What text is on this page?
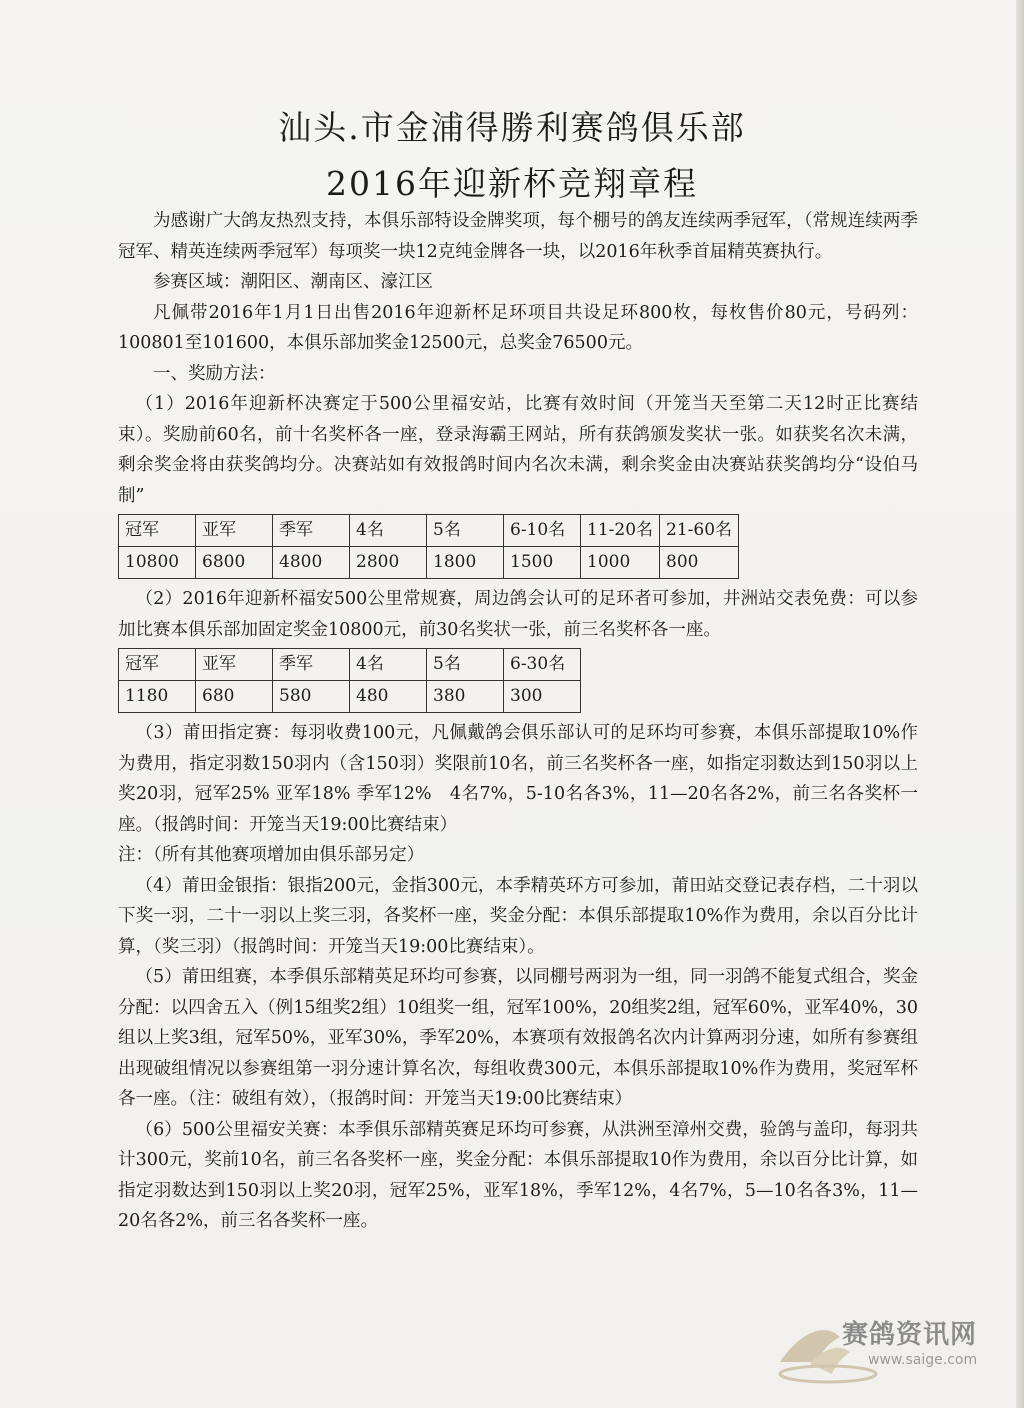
汕头.市金浦得勝利赛鸽俱乐部
2016年迎新杯竞翔章程

为感谢广大鸽友热烈支持，本俱乐部特设金牌奖项，每个棚号的鸽友连续两季冠军，（常规连续两季冠军、精英连续两季冠军）每项奖一块12克纯金牌各一块，以2016年秋季首届精英赛执行。

参赛区域：潮阳区、潮南区、濠江区

凡佩带2016年1月1日出售2016年迎新杯足环项目共设足环800枚，每枚售价80元，号码列：100801至101600，本俱乐部加奖金12500元，总奖金76500元。

一、奖励方法：

（1）2016年迎新杯决赛定于500公里福安站，比赛有效时间（开笼当天至第二天12时正比赛结束）。奖励前60名，前十名奖杯各一座，登录海霸王网站，所有获鸽颁发奖状一张。如获奖名次未满，剩余奖金将由获奖鸽均分。决赛站如有效报鸽时间内名次未满，剩余奖金由决赛站获奖鸽均分“设伯马制”

冠军	亚军	季军	4名	5名	6-10名	11-20名	21-60名
10800	6800	4800	2800	1800	1500	1000	800

（2）2016年迎新杯福安500公里常规赛，周边鸽会认可的足环者可参加，井洲站交表免费：可以参加比赛本俱乐部加固定奖金10800元，前30名奖状一张，前三名奖杯各一座。

冠军	亚军	季军	4名	5名	6-30名
1180	680	580	480	380	300

（3）莆田指定赛：每羽收费100元，凡佩戴鸽会俱乐部认可的足环均可参赛，本俱乐部提取10%作为费用，指定羽数150羽内（含150羽）奖限前10名，前三名奖杯各一座，如指定羽数达到150羽以上奖20羽，冠军25% 亚军18% 季军12%　4名7%，5-10名各3%，11—20名各2%，前三名各奖杯一座。（报鸽时间：开笼当天19:00比赛结束）

注：（所有其他赛项增加由俱乐部另定）

（4）莆田金银指：银指200元，金指300元，本季精英环方可参加，莆田站交登记表存档，二十羽以下奖一羽，二十一羽以上奖三羽，各奖杯一座，奖金分配：本俱乐部提取10%作为费用，余以百分比计算，（奖三羽）（报鸽时间：开笼当天19:00比赛结束）。

（5）莆田组赛，本季俱乐部精英足环均可参赛，以同棚号两羽为一组，同一羽鸽不能复式组合，奖金分配：以四舍五入（例15组奖2组）10组奖一组，冠军100%，20组奖2组，冠军60%，亚军40%，30组以上奖3组，冠军50%，亚军30%，季军20%，本赛项有效报鸽名次内计算两羽分速，如所有参赛组出现破组情况以参赛组第一羽分速计算名次，每组收费300元，本俱乐部提取10%作为费用，奖冠军杯各一座。（注：破组有效），（报鸽时间：开笼当天19:00比赛结束）

（6）500公里福安关赛：本季俱乐部精英赛足环均可参赛，从洪洲至漳州交费，验鸽与盖印，每羽共计300元，奖前10名，前三名各奖杯一座，奖金分配：本俱乐部提取10作为费用，余以百分比计算，如指定羽数达到150羽以上奖20羽，冠军25%，亚军18%，季军12%，4名7%，5—10名各3%，11—20名各2%，前三名各奖杯一座。

赛鸽资讯网
www.saige.com
